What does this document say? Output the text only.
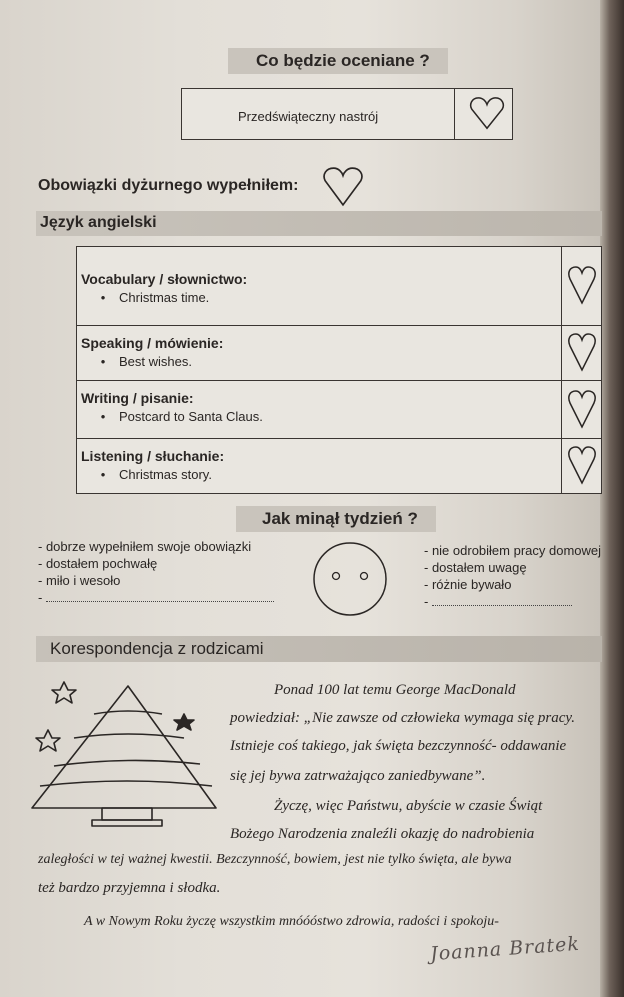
Co będzie oceniane ?
Przedświąteczny nastrój
Obowiązki dyżurnego wypełniłem:
Język angielski
Vocabulary / słownictwo:
• Christmas time.
Speaking / mówienie:
• Best wishes.
Writing / pisanie:
• Postcard to Santa Claus.
Listening / słuchanie:
• Christmas story.
Jak minął tydzień ?
- dobrze wypełniłem swoje obowiązki
- dostałem pochwałę
- miło i wesoło
-
- nie odrobiłem pracy domowej
- dostałem uwagę
- różnie bywało
-
Korespondencja z rodzicami
Ponad 100 lat temu George MacDonald
powiedział: „Nie zawsze od człowieka wymaga się pracy.
Istnieje coś takiego, jak święta bezczynność- oddawanie
się jej bywa zatrważająco zaniedbywane”.
Życzę, więc Państwu, abyście w czasie Świąt
Bożego Narodzenia znaleźli okazję do nadrobienia
zaległości w tej ważnej kwestii. Bezczynność, bowiem, jest nie tylko święta, ale bywa
też bardzo przyjemna i słodka.
A w Nowym Roku życzę wszystkim mnóóóstwo zdrowia, radości i spokoju-
Joanna Bratek
